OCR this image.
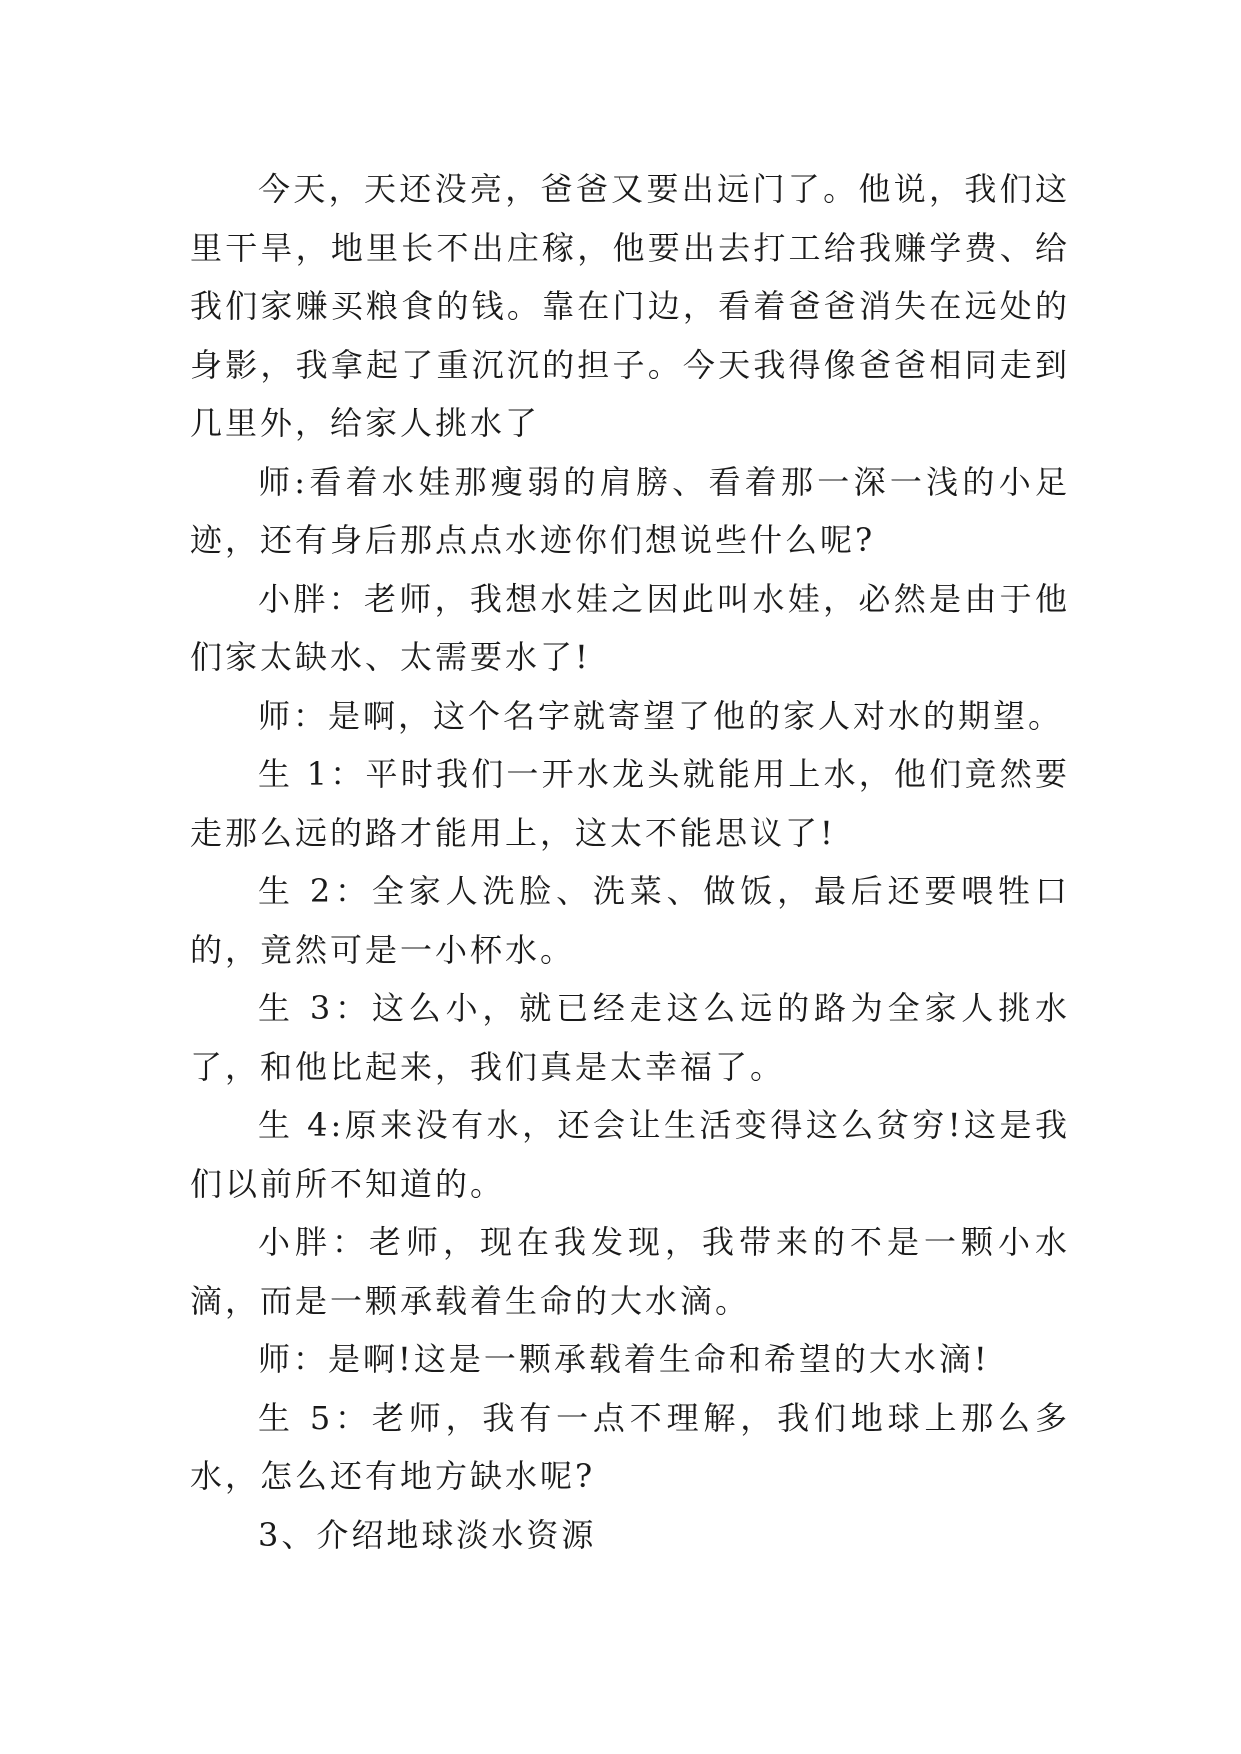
今天，天还没亮，爸爸又要出远门了。他说，我们这里干旱，地里长不出庄稼，他要出去打工给我赚学费、给我们家赚买粮食的钱。靠在门边，看着爸爸消失在远处的身影，我拿起了重沉沉的担子。今天我得像爸爸相同走到几里外，给家人挑水了

师:看着水娃那瘦弱的肩膀、看着那一深一浅的小足迹，还有身后那点点水迹你们想说些什么呢?

小胖：老师，我想水娃之因此叫水娃，必然是由于他们家太缺水、太需要水了!

师：是啊，这个名字就寄望了他的家人对水的期望。

生 1：平时我们一开水龙头就能用上水，他们竟然要走那么远的路才能用上，这太不能思议了!

生 2：全家人洗脸、洗菜、做饭，最后还要喂牲口的，竟然可是一小杯水。

生 3：这么小，就已经走这么远的路为全家人挑水了，和他比起来，我们真是太幸福了。

生 4:原来没有水，还会让生活变得这么贫穷!这是我们以前所不知道的。

小胖：老师，现在我发现，我带来的不是一颗小水滴，而是一颗承载着生命的大水滴。

师：是啊!这是一颗承载着生命和希望的大水滴!

生 5：老师，我有一点不理解，我们地球上那么多水，怎么还有地方缺水呢?

3、介绍地球淡水资源
